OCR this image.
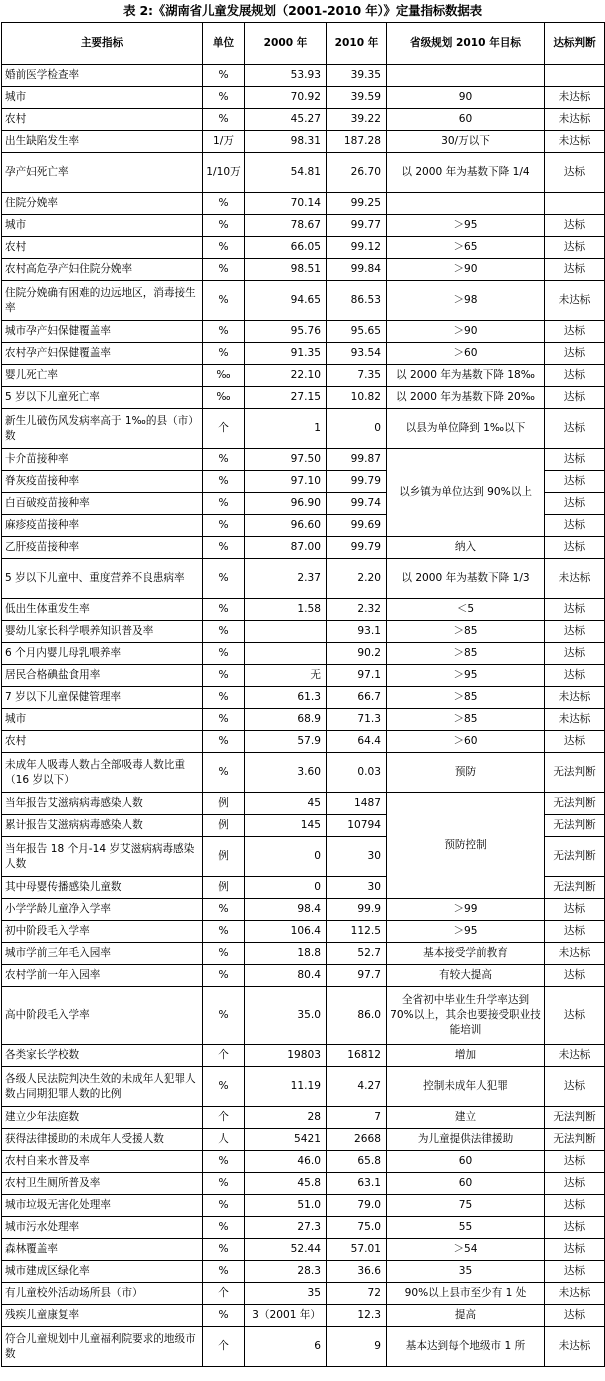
表 2:《湖南省儿童发展规划（2001-2010 年）》定量指标数据表
主要指标	单位	2000 年	2010 年	省级规划 2010 年目标	达标判断
婚前医学检查率	%	53.93	39.35		
城市	%	70.92	39.59	90	未达标
农村	%	45.27	39.22	60	未达标
出生缺陷发生率	1/万	98.31	187.28	30/万以下	未达标
孕产妇死亡率	1/10万	54.81	26.70	以 2000 年为基数下降 1/4	达标
住院分娩率	%	70.14	99.25		
城市	%	78.67	99.77	＞95	达标
农村	%	66.05	99.12	＞65	达标
农村高危孕产妇住院分娩率	%	98.51	99.84	＞90	达标
住院分娩确有困难的边远地区，消毒接生率	%	94.65	86.53	＞98	未达标
城市孕产妇保健覆盖率	%	95.76	95.65	＞90	达标
农村孕产妇保健覆盖率	%	91.35	93.54	＞60	达标
婴儿死亡率	‰	22.10	7.35	以 2000 年为基数下降 18‰	达标
5 岁以下儿童死亡率	‰	27.15	10.82	以 2000 年为基数下降 20‰	达标
新生儿破伤风发病率高于 1‰的县（市）数	个	1	0	以县为单位降到 1‰以下	达标
卡介苗接种率	%	97.50	99.87	以乡镇为单位达到 90%以上	达标
脊灰疫苗接种率	%	97.10	99.79		达标
白百破疫苗接种率	%	96.90	99.74		达标
麻疹疫苗接种率	%	96.60	99.69		达标
乙肝疫苗接种率	%	87.00	99.79	纳入	达标
5 岁以下儿童中、重度营养不良患病率	%	2.37	2.20	以 2000 年为基数下降 1/3	未达标
低出生体重发生率	%	1.58	2.32	＜5	达标
婴幼儿家长科学喂养知识普及率	%		93.1	＞85	达标
6 个月内婴儿母乳喂养率	%		90.2	＞85	达标
居民合格碘盐食用率	%	无	97.1	＞95	达标
7 岁以下儿童保健管理率	%	61.3	66.7	＞85	未达标
城市	%	68.9	71.3	＞85	未达标
农村	%	57.9	64.4	＞60	达标
未成年人吸毒人数占全部吸毒人数比重（16 岁以下）	%	3.60	0.03	预防	无法判断
当年报告艾滋病病毒感染人数	例	45	1487	预防控制	无法判断
累计报告艾滋病病毒感染人数	例	145	10794		无法判断
当年报告 18 个月-14 岁艾滋病病毒感染人数	例	0	30		无法判断
其中母婴传播感染儿童数	例	0	30		无法判断
小学学龄儿童净入学率	%	98.4	99.9	＞99	达标
初中阶段毛入学率	%	106.4	112.5	＞95	达标
城市学前三年毛入园率	%	18.8	52.7	基本接受学前教育	未达标
农村学前一年入园率	%	80.4	97.7	有较大提高	达标
高中阶段毛入学率	%	35.0	86.0	全省初中毕业生升学率达到 70%以上，其余也要接受职业技能培训	达标
各类家长学校数	个	19803	16812	增加	未达标
各级人民法院判决生效的未成年人犯罪人数占同期犯罪人数的比例	%	11.19	4.27	控制未成年人犯罪	达标
建立少年法庭数	个	28	7	建立	无法判断
获得法律援助的未成年人受援人数	人	5421	2668	为儿童提供法律援助	无法判断
农村自来水普及率	%	46.0	65.8	60	达标
农村卫生厕所普及率	%	45.8	63.1	60	达标
城市垃圾无害化处理率	%	51.0	79.0	75	达标
城市污水处理率	%	27.3	75.0	55	达标
森林覆盖率	%	52.44	57.01	＞54	达标
城市建成区绿化率	%	28.3	36.6	35	达标
有儿童校外活动场所县（市）	个	35	72	90%以上县市至少有 1 处	未达标
残疾儿童康复率	%	3（2001 年）	12.3	提高	达标
符合儿童规划中儿童福利院要求的地级市数	个	6	9	基本达到每个地级市 1 所	未达标
